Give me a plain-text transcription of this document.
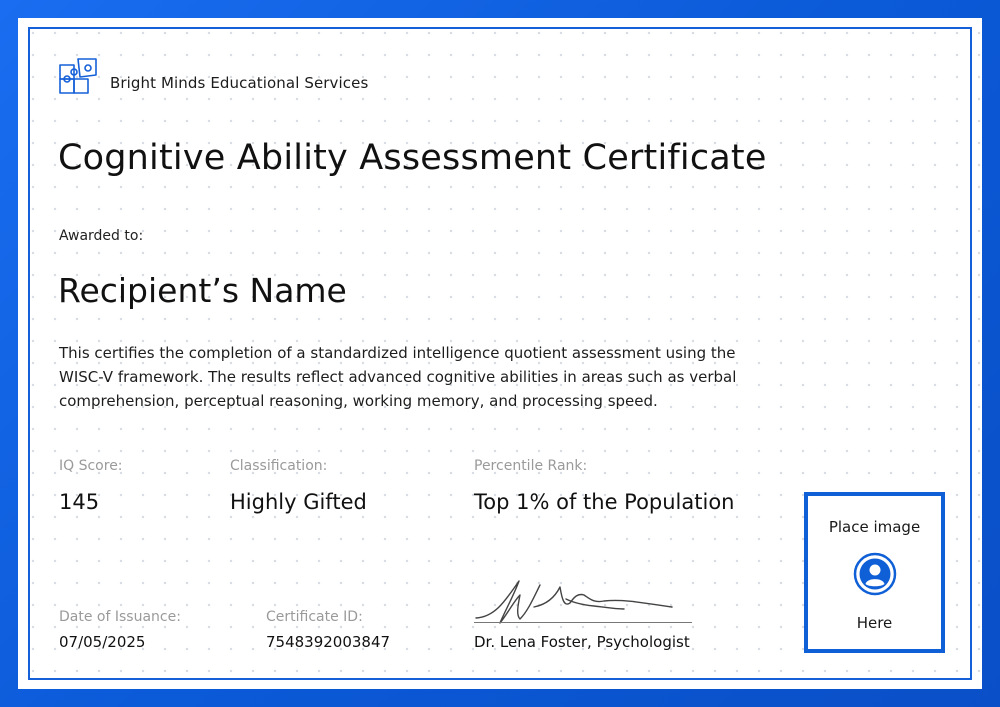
Bright Minds Educational Services
Cognitive Ability Assessment Certificate
Awarded to:
Recipient’s Name
This certifies the completion of a standardized intelligence quotient assessment using the WISC-V framework. The results reflect advanced cognitive abilities in areas such as verbal comprehension, perceptual reasoning, working memory, and processing speed.
IQ Score:
145
Classification:
Highly Gifted
Percentile Rank:
Top 1% of the Population
Date of Issuance:
07/05/2025
Certificate ID:
7548392003847	Dr. Lena Foster, Psychologist
Place image
Here
